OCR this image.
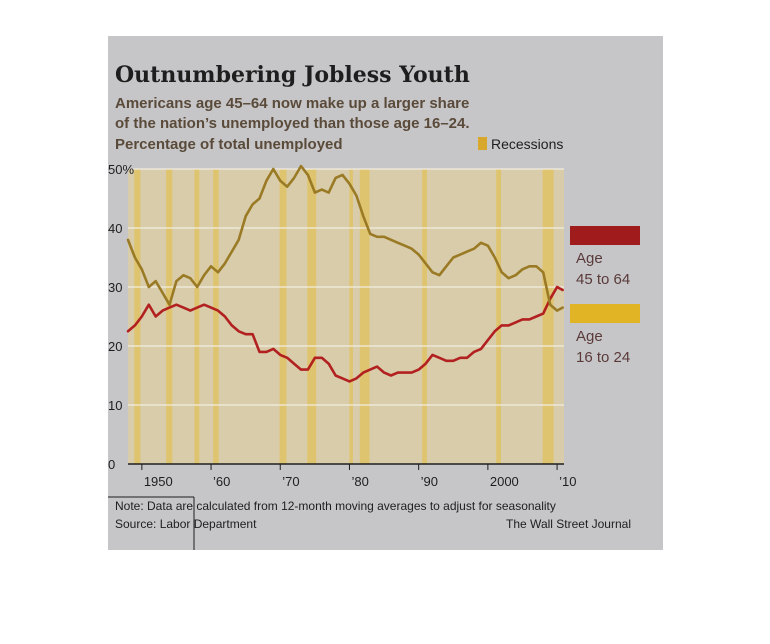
Outnumbering Jobless Youth
Americans age 45–64 now make up a larger share
of the nation’s unemployed than those age 16–24.
Percentage of total unemployed	Recessions
0
10
20
30
40
50%
1950	’60	’70	’80	’90	2000	’10
Age
45 to 64
Age
16 to 24
Note: Data are calculated from 12-month moving averages to adjust for seasonality
Source: Labor Department	The Wall Street Journal
